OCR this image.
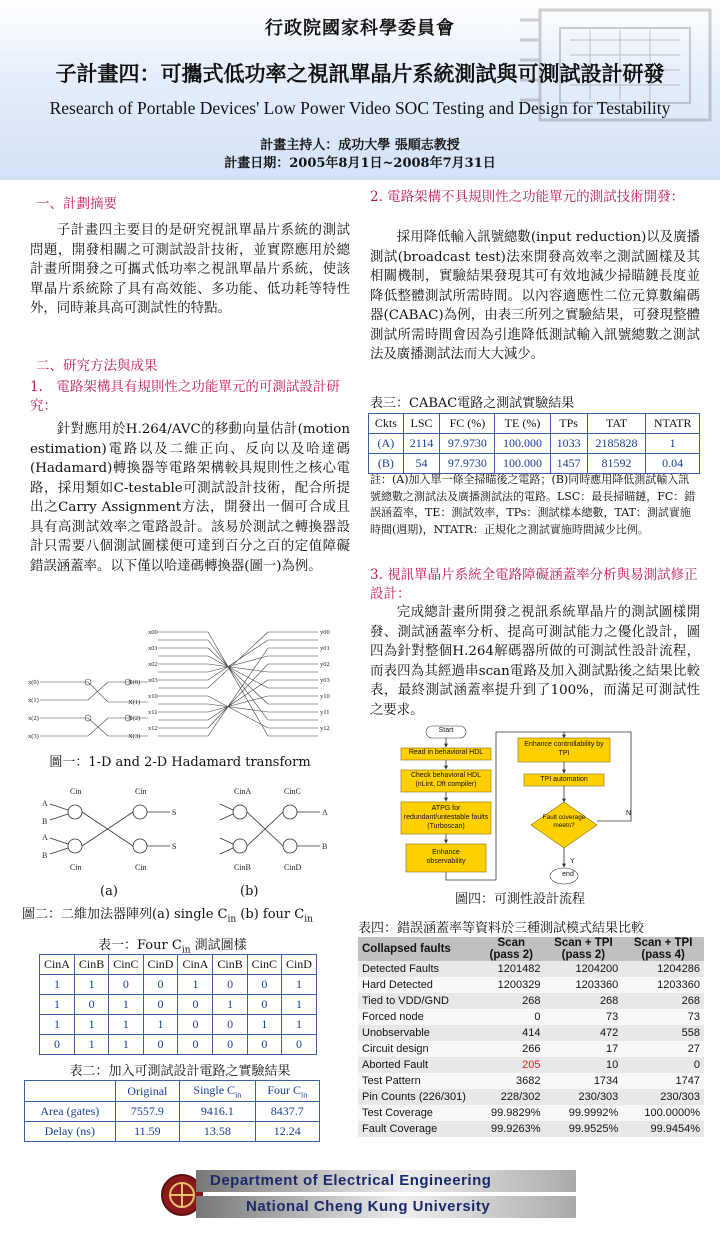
行政院國家科學委員會
子計畫四：可攜式低功率之視訊單晶片系統測試與可測試設計研發
Research of Portable Devices' Low Power Video SOC Testing and Design for Testability
計畫主持人：成功大學 張順志教授
計畫日期：2005年8月1日~2008年7月31日
一、計劃摘要
子計畫四主要目的是研究視訊單晶片系統的測試問題，開發相關之可測試設計技術，並實際應用於總計畫所開發之可攜式低功率之視訊單晶片系統，使該單晶片系統除了具有高效能、多功能、低功耗等特性外，同時兼具高可測試性的特點。
二、研究方法與成果
1.　電路架構具有規則性之功能單元的可測試設計研究：
針對應用於H.264/AVC的移動向量估計(motion estimation)電路以及二維正向、反向以及哈達碼(Hadamard)轉換器等電路架構較具規則性之核心電路，採用類如C-testable可測試設計技術，配合所提出之Carry Assignment方法，開發出一個可合成且具有高測試效率之電路設計。該易於測試之轉換器設計只需要八個測試圖樣便可達到百分之百的定值障礙錯誤涵蓋率。以下僅以哈達碼轉換器(圖一)為例。
x(0)
x(1)
x(2)
x(3)
X(0)
X(1)
X(2)
X(3)
x00
x01
x02
x03
x10
x11
x12
y00
y01
y02
y03
y10
y11
y12
圖一：1-D and 2-D Hadamard transform
A
B
A
B
Cin	Cin
Cin	Cin
S
S
CinA	CinC
CinB	CinD
A
B
(a)	(b)
圖二：二維加法器陣列(a) single $C_{in}$ (b) four $C_{in}$
表一：Four $C_{in}$ 測試圖樣
CinA	CinB	CinC	CinD	CinA	CinB	CinC	CinD
1	1	0	0	1	0	0	1
1	0	1	0	0	1	0	1
1	1	1	1	0	0	1	1
0	1	1	0	0	0	0	0
表二：加入可測試設計電路之實驗結果
	Original	Single $C_{in}$	Four $C_{in}$
Area (gates)	7557.9	9416.1	8437.7
Delay (ns)	11.59	13.58	12.24
2. 電路架構不具規則性之功能單元的測試技術開發：
採用降低輸入訊號總數(input reduction)以及廣播測試(broadcast test)法來開發高效率之測試圖樣及其相關機制，實驗結果發現其可有效地減少掃瞄鏈長度並降低整體測試所需時間。以內容適應性二位元算數編碼器(CABAC)為例，由表三所列之實驗結果，可發現整體測試所需時間會因為引進降低測試輸入訊號總數之測試法及廣播測試法而大大減少。
表三：CABAC電路之測試實驗結果
Ckts	LSC	FC (%)	TE (%)	TPs	TAT	NTATR
(A)	2114	97.9730	100.000	1033	2185828	1
(B)	54	97.9730	100.000	1457	81592	0.04
註：(A)加入單一條全掃瞄後之電路；(B)同時應用降低測試輸入訊號總數之測試法及廣播測試法的電路。LSC：最長掃瞄鏈，FC：錯誤涵蓋率，TE：測試效率，TPs：測試樣本總數，TAT：測試實施時間(週期)，NTATR：正規化之測試實施時間減少比例。
3. 視訊單晶片系統全電路障礙涵蓋率分析與易測試修正設計：
完成總計畫所開發之視訊系統單晶片的測試圖樣開發、測試涵蓋率分析、提高可測試能力之優化設計，圖四為針對整個H.264解碼器所做的可測試性設計流程，而表四為其經過串scan電路及加入測試點後之結果比較表，最終測試涵蓋率提升到了100%，而滿足可測試性之要求。
Start
Read in behavioral HDL
Check behavioral HDL (nLint, Dft compiler)
ATPG for redundant/untestable faults (Turboscan)
Enhance observability
Enhance controllability by TPI
TPI automation
Fault coverage meets?
N
Y
end
圖四：可測性設計流程
表四：錯誤涵蓋率等資料於三種測試模式結果比較
Collapsed faults	Scan (pass 2)	Scan + TPI (pass 2)	Scan + TPI (pass 4)
Detected Faults	1201482	1204200	1204286
Hard Detected	1200329	1203360	1203360
Tied to VDD/GND	268	268	268
Forced node	0	73	73
Unobservable	414	472	558
Circuit design	266	17	27
Aborted Fault	205	10	0
Test Pattern	3682	1734	1747
Pin Counts (226/301)	228/302	230/303	230/303
Test Coverage	99.9829%	99.9992%	100.0000%
Fault Coverage	99.9263%	99.9525%	99.9454%
Department of Electrical Engineering
National Cheng Kung University
